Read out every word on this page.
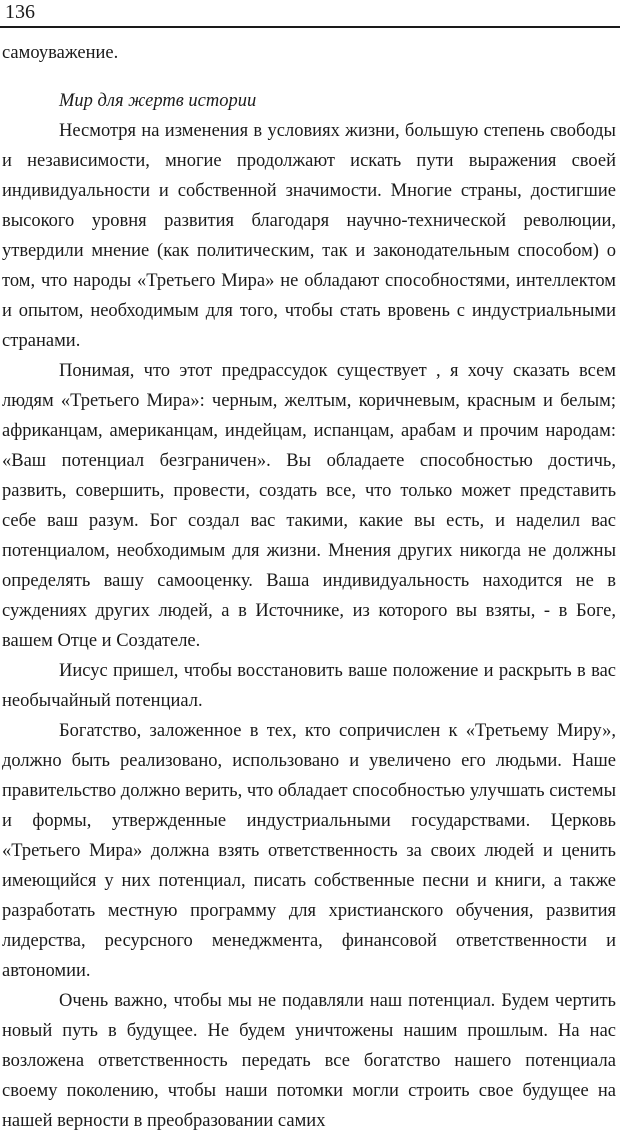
136

самоуважение.

Мир для жертв истории

Несмотря на изменения в условиях жизни, большую степень свободы и независимости, многие продолжают искать пути выражения своей индивидуальности и собственной значимости. Многие страны, достигшие высокого уровня развития благодаря научно-технической революции, утвердили мнение (как политическим, так и законодательным способом) о том, что народы «Третьего Мира» не обладают способностями, интеллектом и опытом, необходимым для того, чтобы стать вровень с индустриальными странами.

Понимая, что этот предрассудок существует , я хочу сказать всем людям «Третьего Мира»: черным, желтым, коричневым, красным и белым; африканцам, американцам, индейцам, испанцам, арабам и прочим народам: «Ваш потенциал безграничен». Вы обладаете способностью достичь, развить, совершить, провести, создать все, что только может представить себе ваш разум. Бог создал вас такими, какие вы есть, и наделил вас потенциалом, необходимым для жизни. Мнения других никогда не должны определять вашу самооценку. Ваша индивидуальность находится не в суждениях других людей, а в Источнике, из которого вы взяты, - в Боге, вашем Отце и Создателе.

Иисус пришел, чтобы восстановить ваше положение и раскрыть в вас необычайный потенциал.

Богатство, заложенное в тех, кто сопричислен к «Третьему Миру», должно быть реализовано, использовано и увеличено его людьми. Наше правительство должно верить, что обладает способностью улучшать системы и формы, утвержденные индустриальными государствами. Церковь «Третьего Мира» должна взять ответственность за своих людей и ценить имеющийся у них потенциал, писать собственные песни и книги, а также разработать местную программу для христианского обучения, развития лидерства, ресурсного менеджмента, финансовой ответственности и автономии.

Очень важно, чтобы мы не подавляли наш потенциал. Будем чертить новый путь в будущее. Не будем уничтожены нашим прошлым. На нас возложена ответственность передать все богатство нашего потенциала своему поколению, чтобы наши потомки могли строить свое будущее на нашей верности в преобразовании самих
